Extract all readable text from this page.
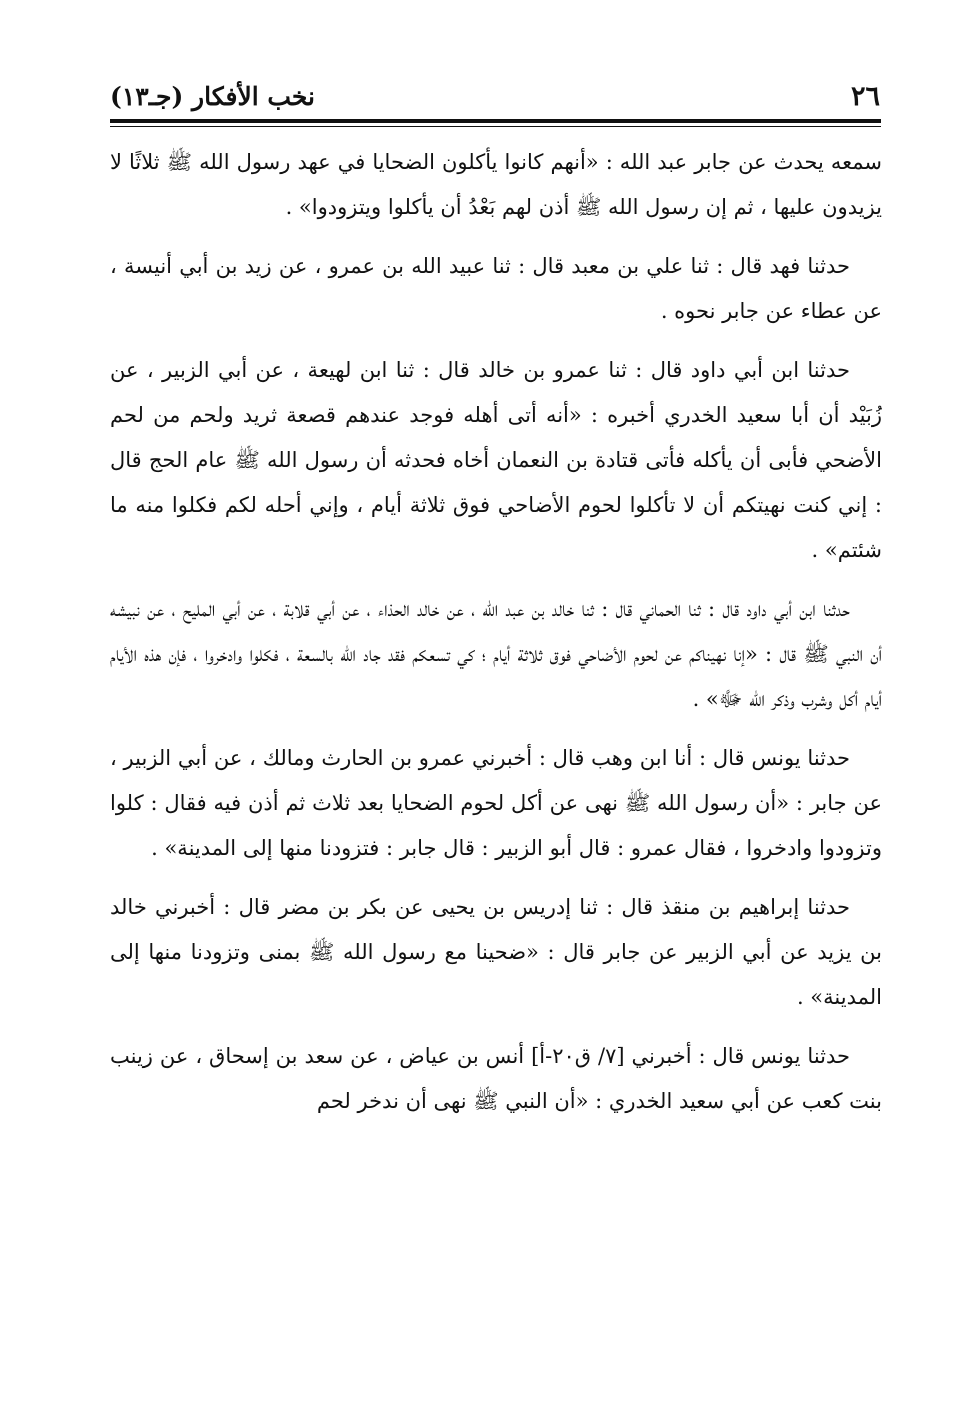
٢٦
نخب الأفكار (جـ١٣)

سمعه يحدث عن جابر عبد الله : «أنهم كانوا يأكلون الضحايا في عهد رسول الله ﷺ ثلاثًا لا يزيدون عليها ، ثم إن رسول الله ﷺ أذن لهم بَعْدُ أن يأكلوا ويتزودوا» .

حدثنا فهد قال : ثنا علي بن معبد قال : ثنا عبيد الله بن عمرو ، عن زيد بن أبي أنيسة ، عن عطاء عن جابر نحوه .

حدثنا ابن أبي داود قال : ثنا عمرو بن خالد قال : ثنا ابن لهيعة ، عن أبي الزبير ، عن زُبَيْد أن أبا سعيد الخدري أخبره : «أنه أتى أهله فوجد عندهم قصعة ثريد ولحم من لحم الأضحي فأبى أن يأكله فأتى قتادة بن النعمان أخاه فحدثه أن رسول الله ﷺ عام الحج قال : إني كنت نهيتكم أن لا تأكلوا لحوم الأضاحي فوق ثلاثة أيام ، وإني أحله لكم فكلوا منه ما شئتم» .

حدثنا ابن أبي داود قال : ثنا الحماني قال : ثنا خالد بن عبد الله ، عن خالد الحذاء ، عن أبي قلابة ، عن أبي المليح ، عن نبيشه أن النبي ﷺ قال : «إنا نهيناكم عن لحوم الأضاحي فوق ثلاثة أيام ؛ كي تسعكم فقد جاد الله بالسعة ، فكلوا وادخروا ، فإن هذه الأيام أيام أكل وشرب وذكر الله ﷻ» .

حدثنا يونس قال : أنا ابن وهب قال : أخبرني عمرو بن الحارث ومالك ، عن أبي الزبير ، عن جابر : «أن رسول الله ﷺ نهى عن أكل لحوم الضحايا بعد ثلاث ثم أذن فيه فقال : كلوا وتزودوا وادخروا ، فقال عمرو : قال أبو الزبير : قال جابر : فتزودنا منها إلى المدينة» .

حدثنا إبراهيم بن منقذ قال : ثنا إدريس بن يحيى عن بكر بن مضر قال : أخبرني خالد بن يزيد عن أبي الزبير عن جابر قال : «ضحينا مع رسول الله ﷺ بمنى وتزودنا منها إلى المدينة» .

حدثنا يونس قال : أخبرني [٧/ ق٢٠-أ] أنس بن عياض ، عن سعد بن إسحاق ، عن زينب بنت كعب عن أبي سعيد الخدري : «أن النبي ﷺ نهى أن ندخر لحم
